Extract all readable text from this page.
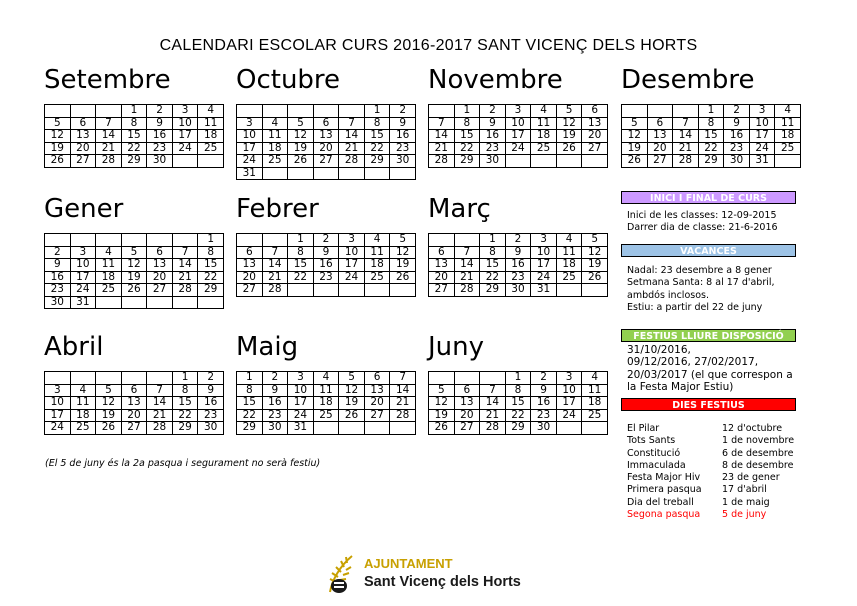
CALENDARI ESCOLAR CURS 2016-2017 SANT VICENÇ DELS HORTS
Setembre
			1	2	3	4
5	6	7	8	9	10	11
12	13	14	15	16	17	18
19	20	21	22	23	24	25
26	27	28	29	30		
Octubre
					1	2
3	4	5	6	7	8	9
10	11	12	13	14	15	16
17	18	19	20	21	22	23
24	25	26	27	28	29	30
31						
Novembre
	1	2	3	4	5	6
7	8	9	10	11	12	13
14	15	16	17	18	19	20
21	22	23	24	25	26	27
28	29	30				
Desembre
			1	2	3	4
5	6	7	8	9	10	11
12	13	14	15	16	17	18
19	20	21	22	23	24	25
26	27	28	29	30	31	
Gener
						1
2	3	4	5	6	7	8
9	10	11	12	13	14	15
16	17	18	19	20	21	22
23	24	25	26	27	28	29
30	31					
Febrer
		1	2	3	4	5
6	7	8	9	10	11	12
13	14	15	16	17	18	19
20	21	22	23	24	25	26
27	28					
Març
		1	2	3	4	5
6	7	8	9	10	11	12
13	14	15	16	17	18	19
20	21	22	23	24	25	26
27	28	29	30	31		
Abril
					1	2
3	4	5	6	7	8	9
10	11	12	13	14	15	16
17	18	19	20	21	22	23
24	25	26	27	28	29	30
Maig
1	2	3	4	5	6	7
8	9	10	11	12	13	14
15	16	17	18	19	20	21
22	23	24	25	26	27	28
29	30	31				
Juny
			1	2	3	4
5	6	7	8	9	10	11
12	13	14	15	16	17	18
19	20	21	22	23	24	25
26	27	28	29	30		
(El 5 de juny és la 2a pasqua i segurament no serà festiu)
INICI I FINAL DE CURS
Inici de les classes: 12-09-2015
Darrer dia de classe: 21-6-2016
VACANCES
Nadal: 23 desembre a 8 gener
Setmana Santa: 8 al 17 d'abril,
ambdós inclosos.
Estiu: a partir del 22 de juny
FESTIUS LLIURE DISPOSICIÓ
31/10/2016,
09/12/2016, 27/02/2017,
20/03/2017 (el que correspon a
la Festa Major Estiu)
DIES FESTIUS
El Pilar	12 d'octubre
Tots Sants	1 de novembre
Constitució	6 de desembre
Immaculada	8 de desembre
Festa Major Hiv	23 de gener
Primera pasqua	17 d'abril
Dia del treball	1 de maig
Segona pasqua	5 de juny
AJUNTAMENT
Sant Vicenç dels Horts
